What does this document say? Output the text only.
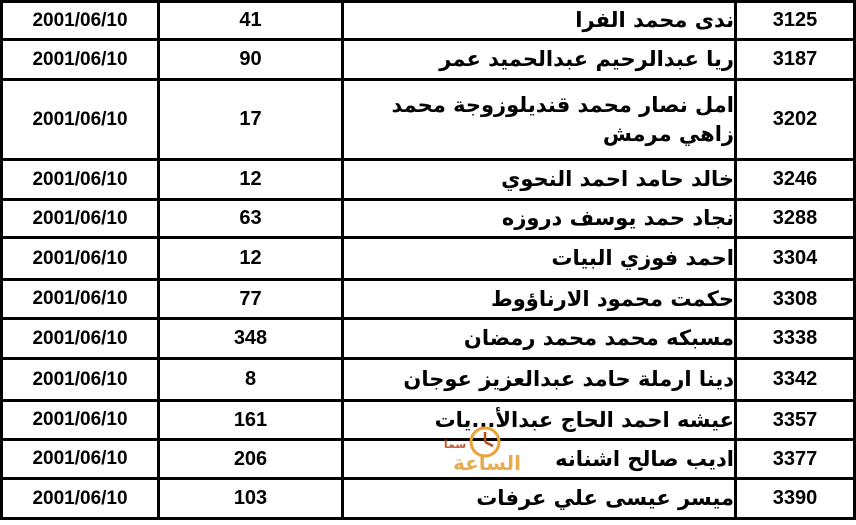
2001/06/10	41	ندى محمد الفرا	3125
2001/06/10	90	ريا عبدالرحيم عبدالحميد عمر	3187
2001/06/10	17	امل نصار محمد قنديلوزوجة محمد زاهي مرمش	3202
2001/06/10	12	خالد حامد احمد النحوي	3246
2001/06/10	63	نجاد حمد يوسف دروزه	3288
2001/06/10	12	احمد فوزي البيات	3304
2001/06/10	77	حكمت محمود الارناؤوط	3308
2001/06/10	348	مسبكه محمد محمد رمضان	3338
2001/06/10	8	دينا ارملة حامد عبدالعزيز عوجان	3342
2001/06/10	161	عيشه احمد الحاج عبدالأ...يات	3357
2001/06/10	206	اديب صالح اشنانه	3377
2001/06/10	103	ميسر عيسى علي عرفات	3390
الساعة
سما
